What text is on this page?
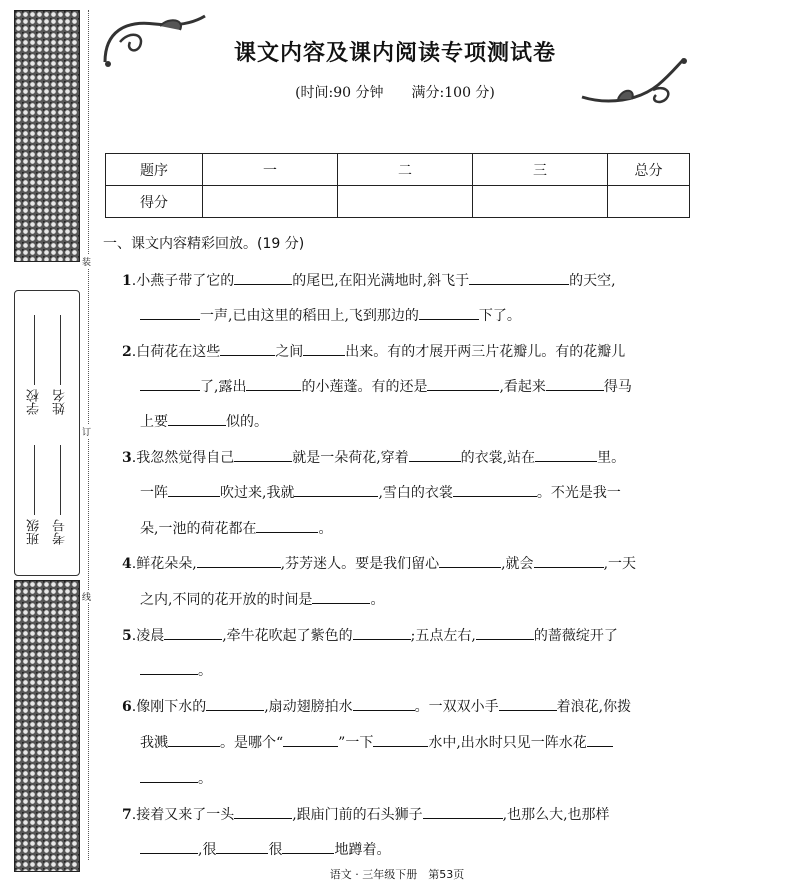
学校 姓名
班级 考号
装
订
线
课文内容及课内阅读专项测试卷
(时间:90 分钟　　满分:100 分)
题序	一	二	三	总分
得分				
一、课文内容精彩回放。(19 分)
1.小燕子带了它的	的尾巴,在阳光满地时,斜飞于	的天空,
一声,已由这里的稻田上,飞到那边的	下了。
2.白荷花在这些	之间	出来。有的才展开两三片花瓣儿。有的花瓣儿
了,露出	的小莲蓬。有的还是	,看起来	得马
上要	似的。
3.我忽然觉得自己	就是一朵荷花,穿着	的衣裳,站在	里。
一阵	吹过来,我就	,雪白的衣裳	。不光是我一
朵,一池的荷花都在	。
4.鲜花朵朵,	,芬芳迷人。要是我们留心	,就会	,一天
之内,不同的花开放的时间是	。
5.凌晨	,牵牛花吹起了紫色的	;五点左右,	的蔷薇绽开了
。
6.像刚下水的	,扇动翅膀拍水	。一双双小手	着浪花,你拨
我溅	。是哪个“	”一下	水中,出水时只见一阵水花
。
7.接着又来了一头	,跟庙门前的石头狮子	,也那么大,也那样
,很	很	地蹲着。
语文 · 三年级下册　第53页
